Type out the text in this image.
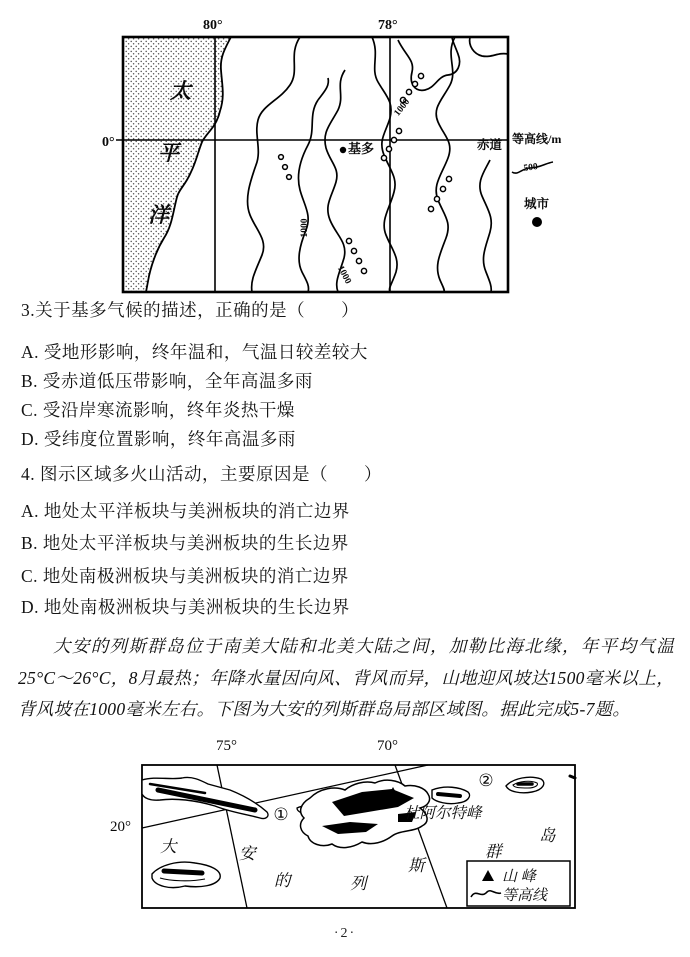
1000
1000
1000
80°	78°
0°
太
平
洋
基多	赤道 等高线/m
500
城市
3.关于基多气候的描述，正确的是（　　）
A. 受地形影响，终年温和，气温日较差较大
B. 受赤道低压带影响，全年高温多雨
C. 受沿岸寒流影响，终年炎热干燥
D. 受纬度位置影响，终年高温多雨
4. 图示区域多火山活动，主要原因是（　　）
A. 地处太平洋板块与美洲板块的消亡边界
B. 地处太平洋板块与美洲板块的生长边界
C. 地处南极洲板块与美洲板块的消亡边界
D. 地处南极洲板块与美洲板块的生长边界
大安的列斯群岛位于南美大陆和北美大陆之间，加勒比海北缘，年平均气温25°C～26°C，8月最热；年降水量因向风、背风而异，山地迎风坡达1500毫米以上，背风坡在1000毫米左右。下图为大安的列斯群岛局部区域图。据此完成5-7题。
杜阿尔特峰
①
②
大	安
的	列
斯
群
岛
75°	70°
20°
山 峰
等高线
·2·
